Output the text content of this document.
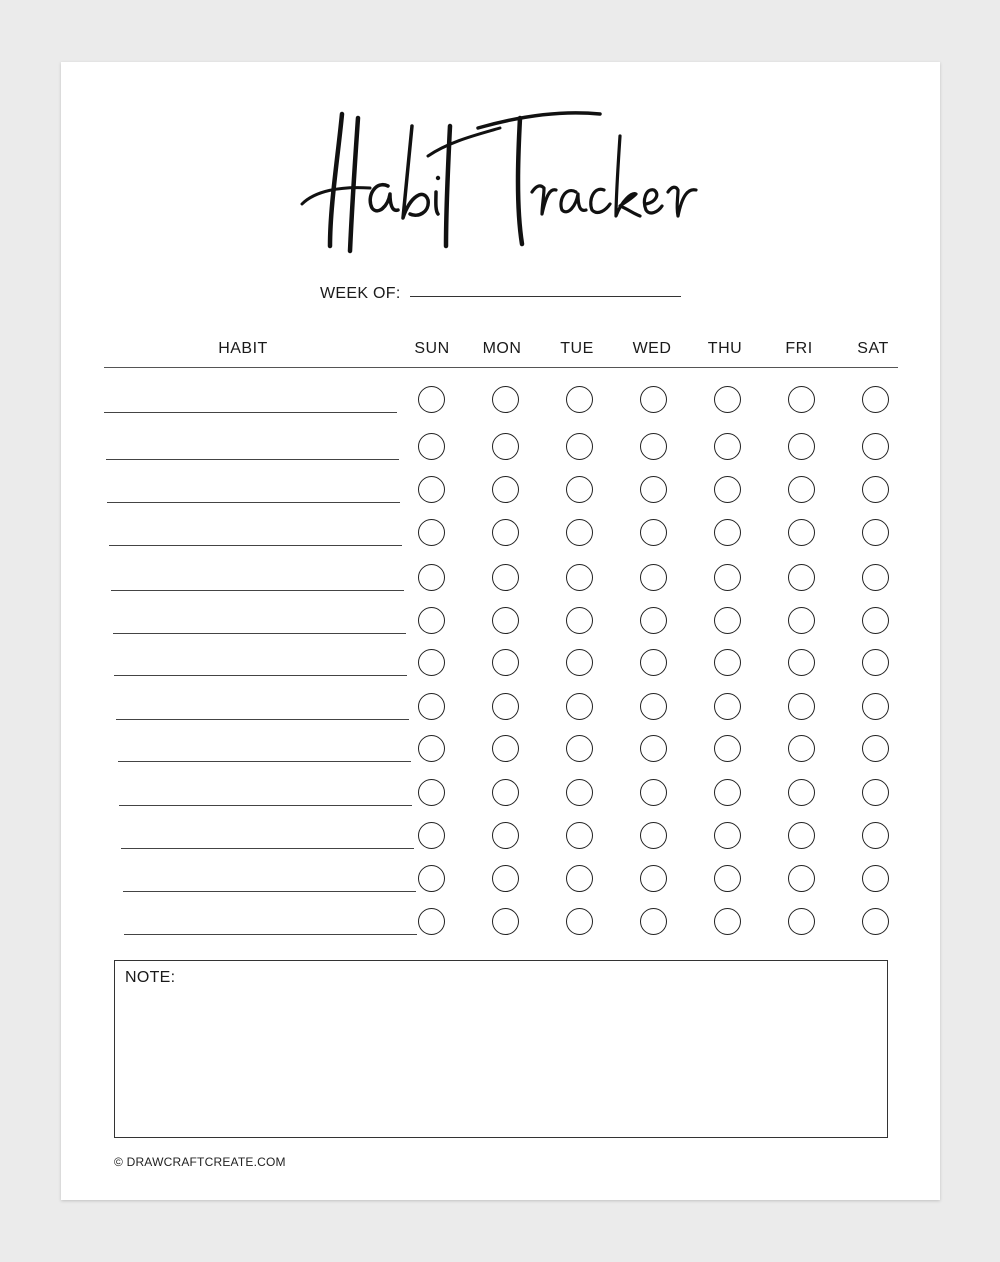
WEEK OF:
HABIT	SUN	MON	TUE	WED	THU	FRI	SAT
NOTE:
© DRAWCRAFTCREATE.COM
